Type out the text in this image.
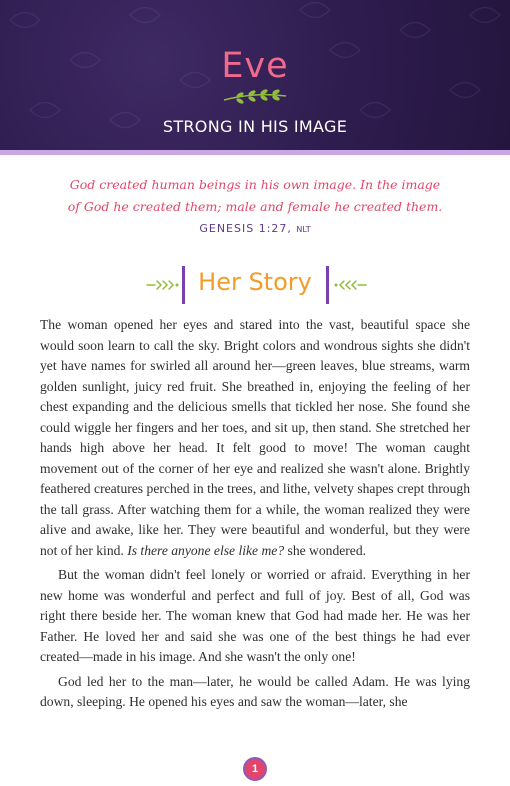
Eve
STRONG IN HIS IMAGE
God created human beings in his own image. In the image
of God he created them; male and female he created them.
GENESIS 1:27, NLT
Her Story

The woman opened her eyes and stared into the vast, beautiful space she would soon learn to call the sky. Bright colors and wondrous sights she didn't yet have names for swirled all around her—green leaves, blue streams, warm golden sunlight, juicy red fruit. She breathed in, enjoying the feeling of her chest expanding and the delicious smells that tickled her nose. She found she could wiggle her fingers and her toes, and sit up, then stand. She stretched her hands high above her head. It felt good to move! The woman caught movement out of the corner of her eye and realized she wasn't alone. Brightly feathered creatures perched in the trees, and lithe, velvety shapes crept through the tall grass. After watching them for a while, the woman realized they were alive and awake, like her. They were beautiful and wonderful, but they were not of her kind. Is there anyone else like me? she wondered.

But the woman didn't feel lonely or worried or afraid. Everything in her new home was wonderful and perfect and full of joy. Best of all, God was right there beside her. The woman knew that God had made her. He was her Father. He loved her and said she was one of the best things he had ever created—made in his image. And she wasn't the only one!

God led her to the man—later, he would be called Adam. He was lying down, sleeping. He opened his eyes and saw the woman—later, she

1
